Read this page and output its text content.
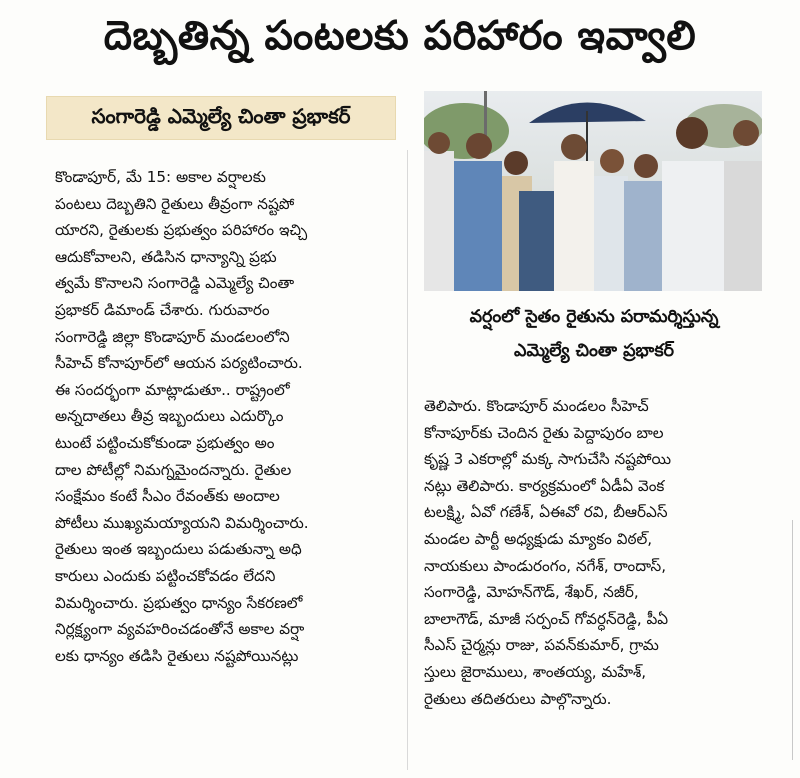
దెబ్బతిన్న పంటలకు పరిహారం ఇవ్వాలి
సంగారెడ్డి ఎమ్మెల్యే చింతా ప్రభాకర్
వర్షంలో సైతం రైతును పరామర్శిస్తున్న
ఎమ్మెల్యే చింతా ప్రభాకర్
కొండాపూర్, మే 15: అకాల వర్షాలకు
పంటలు దెబ్బతిని రైతులు తీవ్రంగా నష్టపో
యారని, రైతులకు ప్రభుత్వం పరిహారం ఇచ్చి
ఆదుకోవాలని, తడిసిన ధాన్యాన్ని ప్రభు
త్వమే కొనాలని సంగారెడ్డి ఎమ్మెల్యే చింతా
ప్రభాకర్ డిమాండ్ చేశారు. గురువారం
సంగారెడ్డి జిల్లా కొండాపూర్ మండలంలోని
సీహెచ్ కోనాపూర్‌లో ఆయన పర్యటించారు.
ఈ సందర్భంగా మాట్లాడుతూ.. రాష్ట్రంలో
అన్నదాతలు తీవ్ర ఇబ్బందులు ఎదుర్కొం
టుంటే పట్టించుకోకుండా ప్రభుత్వం అం
దాల పోటీల్లో నిమగ్నమైందన్నారు. రైతుల
సంక్షేమం కంటే సీఎం రేవంత్‌కు అందాల
పోటీలు ముఖ్యమయ్యాయని విమర్శించారు.
రైతులు ఇంత ఇబ్బందులు పడుతున్నా అధి
కారులు ఎందుకు పట్టించకోవడం లేదని
విమర్శించారు. ప్రభుత్వం ధాన్యం సేకరణలో
నిర్లక్ష్యంగా వ్యవహరించడంతోనే అకాల వర్షా
లకు ధాన్యం తడిసి రైతులు నష్టపోయినట్లు
తెలిపారు. కొండాపూర్ మండలం సీహెచ్
కోనాపూర్‌కు చెందిన రైతు పెద్దాపురం బాల
కృష్ణ 3 ఎకరాల్లో మక్క సాగుచేసి నష్టపోయి
నట్లు తెలిపారు. కార్యక్రమంలో ఏడీఏ వెంక
టలక్ష్మి, ఏవో గణేశ్, ఏఈవో రవి, బీఆర్ఎస్
మండల పార్టీ అధ్యక్షుడు మ్యాకం విఠల్,
నాయకులు పాండురంగం, నగేశ్, రాందాస్,
సంగారెడ్డి, మోహన్‌గౌడ్, శేఖర్, నజీర్,
బాలాగౌడ్, మాజీ సర్పంచ్ గోవర్ధన్‌రెడ్డి, పీఏ
సీఎస్ చైర్మన్లు రాజు, పవన్‌కుమార్, గ్రామ
స్తులు జైరాములు, శాంతయ్య, మహేశ్,
రైతులు తదితరులు పాల్గొన్నారు.
